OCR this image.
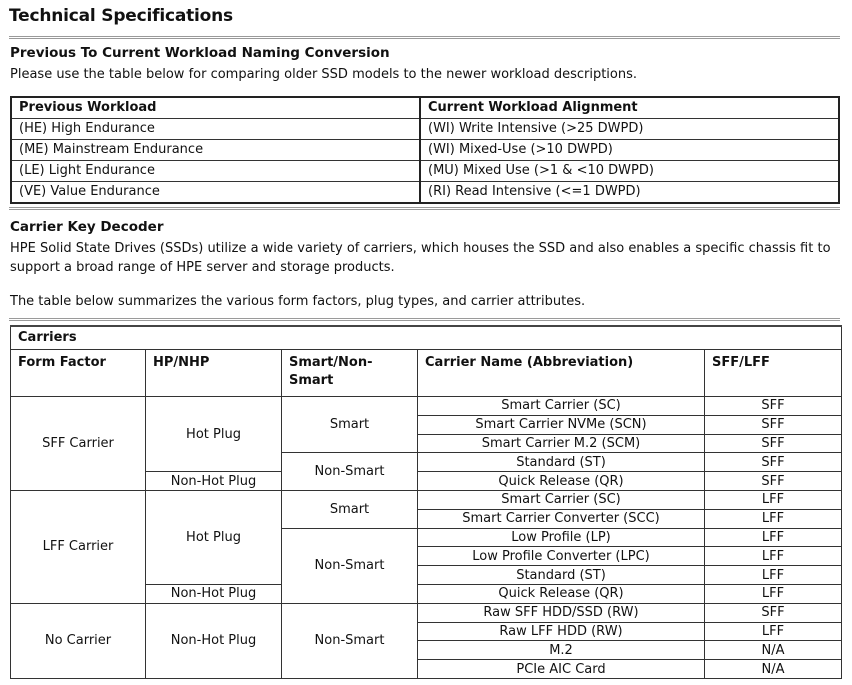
Technical Specifications
Previous To Current Workload Naming Conversion
Please use the table below for comparing older SSD models to the newer workload descriptions.
Previous Workload	Current Workload Alignment
(HE) High Endurance	(WI) Write Intensive (>25 DWPD)
(ME) Mainstream Endurance	(WI) Mixed-Use (>10 DWPD)
(LE) Light Endurance	(MU) Mixed Use (>1 & <10 DWPD)
(VE) Value Endurance	(RI) Read Intensive (<=1 DWPD)
Carrier Key Decoder
HPE Solid State Drives (SSDs) utilize a wide variety of carriers, which houses the SSD and also enables a specific chassis fit to support a broad range of HPE server and storage products.
The table below summarizes the various form factors, plug types, and carrier attributes.
Carriers				
Form Factor	HP/NHP	Smart/Non-Smart	Carrier Name (Abbreviation)	SFF/LFF
SFF Carrier	Hot Plug	Smart	Smart Carrier (SC)	SFF
			Smart Carrier NVMe (SCN)	SFF
			Smart Carrier M.2 (SCM)	SFF
		Non-Smart	Standard (ST)	SFF
	Non-Hot Plug		Quick Release (QR)	SFF
LFF Carrier	Hot Plug	Smart	Smart Carrier (SC)	LFF
			Smart Carrier Converter (SCC)	LFF
		Non-Smart	Low Profile (LP)	LFF
			Low Profile Converter (LPC)	LFF
			Standard (ST)	LFF
	Non-Hot Plug		Quick Release (QR)	LFF
No Carrier	Non-Hot Plug	Non-Smart	Raw SFF HDD/SSD (RW)	SFF
			Raw LFF HDD (RW)	LFF
			M.2	N/A
			PCIe AIC Card	N/A
